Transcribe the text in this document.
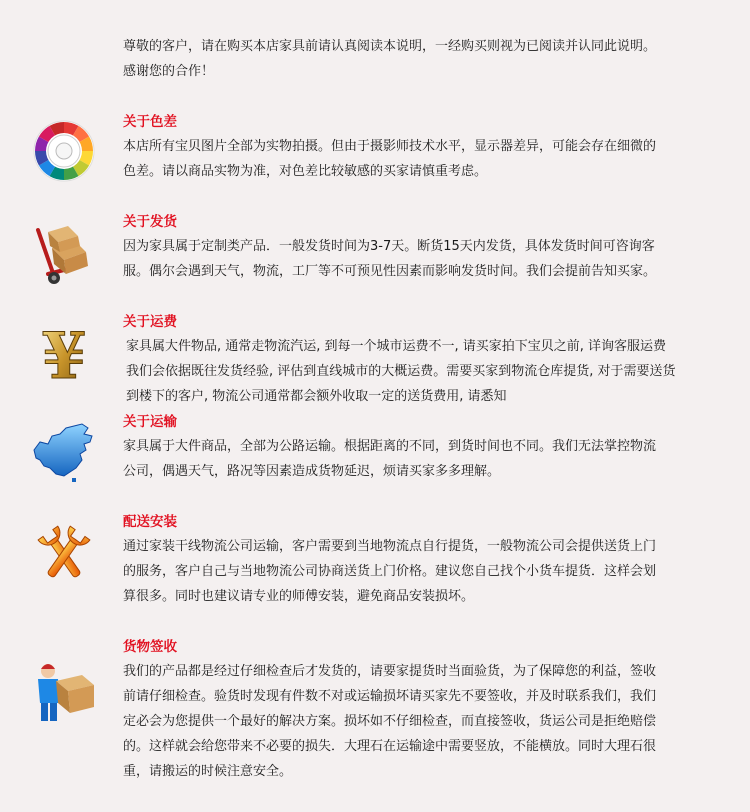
尊敬的客户，请在购买本店家具前请认真阅读本说明，一经购买则视为已阅读并认同此说明。
感谢您的合作！
关于色差

本店所有宝贝图片全部为实物拍摄。但由于摄影师技术水平，显示器差异，可能会存在细微的

色差。请以商品实物为准，对色差比较敏感的买家请慎重考虑。

关于发货

因为家具属于定制类产品．一般发货时间为3-7天。断货15天内发货，具体发货时间可咨询客

服。偶尔会遇到天气，物流，工厂等不可预见性因素而影响发货时间。我们会提前告知买家。

¥	关于运费

家具属大件物品, 通常走物流汽运, 到每一个城市运费不一, 请买家拍下宝贝之前, 详询客服运费

我们会依据既往发货经验, 评估到直线城市的大概运费。需要买家到物流仓库提货, 对于需要送货

到楼下的客户, 物流公司通常都会额外收取一定的送货费用, 请悉知

关于运输

家具属于大件商品，全部为公路运输。根据距离的不同，到货时间也不同。我们无法掌控物流

公司，偶遇天气，路况等因素造成货物延迟，烦请买家多多理解。

配送安装

通过家装干线物流公司运输，客户需要到当地物流点自行提货，一般物流公司会提供送货上门

的服务，客户自己与当地物流公司协商送货上门价格。建议您自己找个小货车提货．这样会划

算很多。同时也建议请专业的师傅安装，避免商品安装损坏。

货物签收

我们的产品都是经过仔细检查后才发货的，请要家提货时当面验货，为了保障您的利益，签收

前请仔细检查。验货时发现有件数不对或运输损坏请买家先不要签收，并及时联系我们，我们

定必会为您提供一个最好的解决方案。损坏如不仔细检查，而直接签收，货运公司是拒绝赔偿

的。这样就会给您带来不必要的损失．大理石在运输途中需要竖放，不能横放。同时大理石很

重，请搬运的时候注意安全。
